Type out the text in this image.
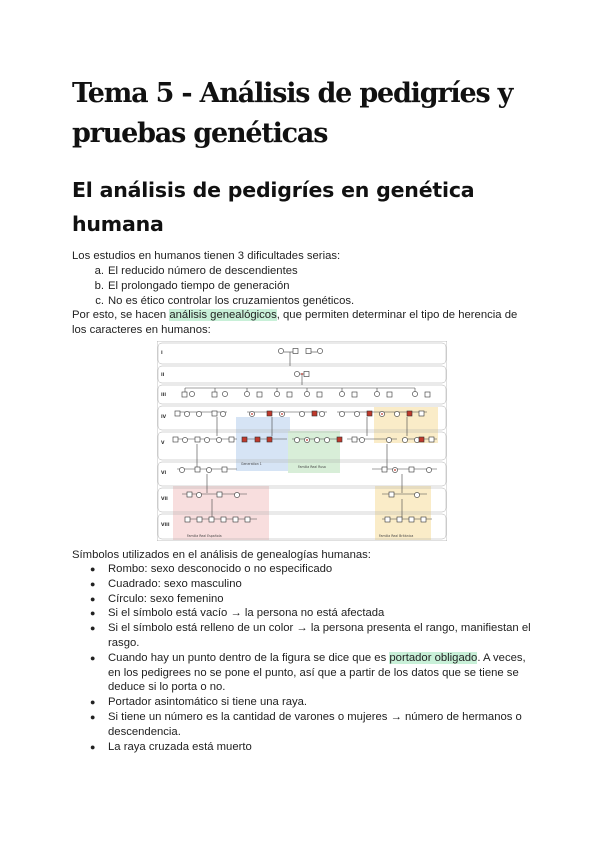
Tema 5 - Análisis de pedigríes y pruebas genéticas
El análisis de pedigríes en genética humana

Los estudios en humanos tienen 3 dificultades serias:

a. El reducido número de descendientes
b. El prolongado tiempo de generación
c. No es ético controlar los cruzamientos genéticos.

Por esto, se hacen análisis genealógicos, que permiten determinar el tipo de herencia de los caracteres en humanos:

I
II
III
IV
V
VI
VII
VIII
Generation 1
Familia Real Rusa
Familia Real Española	Familia Real Británica

Símbolos utilizados en el análisis de genealogías humanas:

● Rombo: sexo desconocido o no especificado
● Cuadrado: sexo masculino
● Círculo: sexo femenino
● Si el símbolo está vacío → la persona no está afectada
● Si el símbolo está relleno de un color → la persona presenta el rango, manifiestan el rasgo.
● Cuando hay un punto dentro de la figura se dice que es portador obligado. A veces, en los pedigrees no se pone el punto, así que a partir de los datos que se tiene se deduce si lo porta o no.
● Portador asintomático si tiene una raya.
● Si tiene un número es la cantidad de varones o mujeres → número de hermanos o descendencia.
● La raya cruzada está muerto
